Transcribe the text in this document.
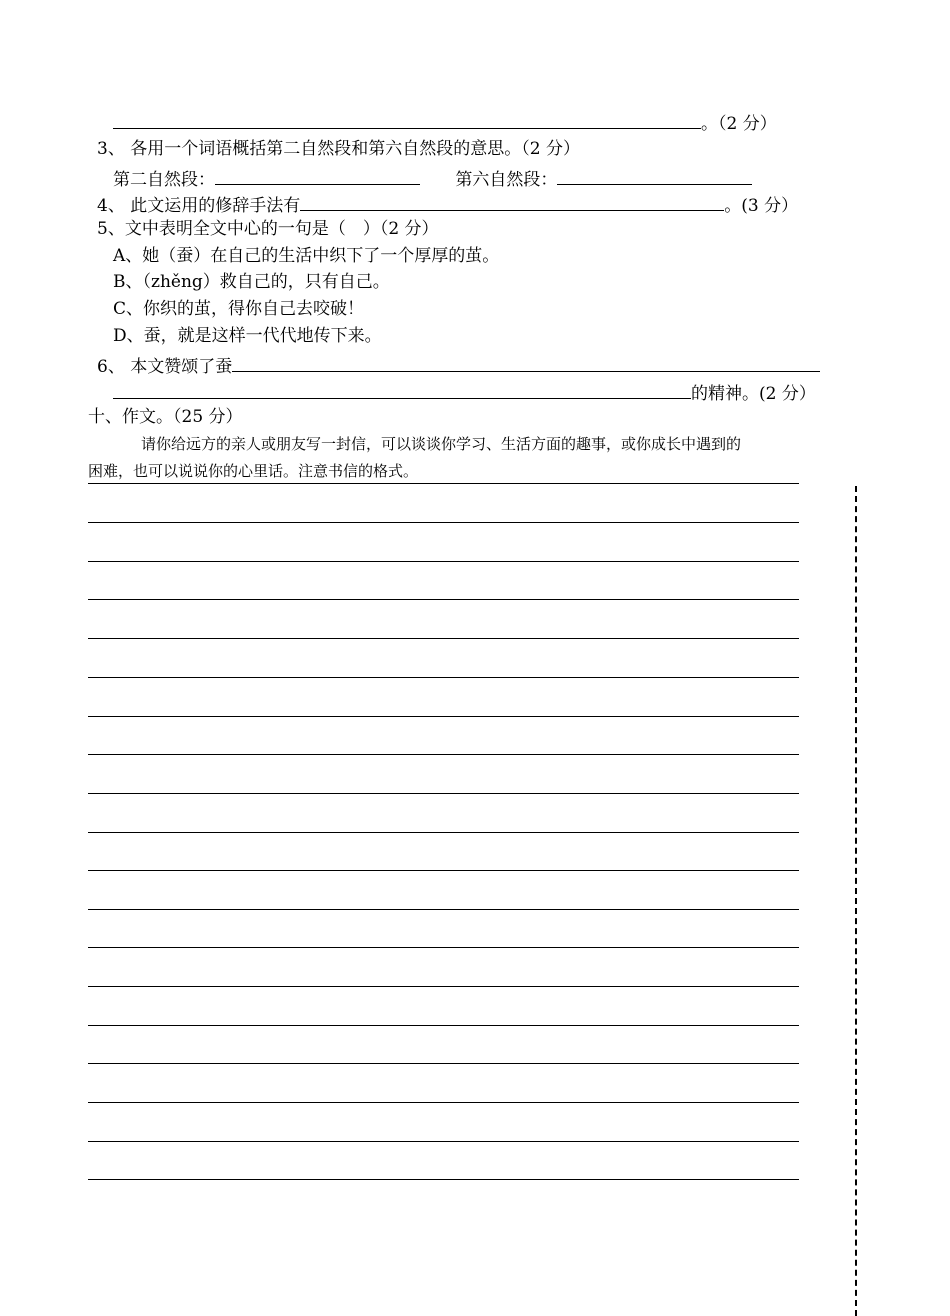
。（2 分）
3、 各用一个词语概括第二自然段和第六自然段的意思。（2 分）
第二自然段：	第六自然段：
4、 此文运用的修辞手法有	。(3 分）
5、文中表明全文中心的一句是（　）（2 分）
A、她（蚕）在自己的生活中织下了一个厚厚的茧。
B、（zhěng）救自己的，只有自己。
C、你织的茧，得你自己去咬破！
D、蚕，就是这样一代代地传下来。
6、 本文赞颂了蚕
的精神。(2 分）
十、作文。（25 分）
请你给远方的亲人或朋友写一封信，可以谈谈你学习、生活方面的趣事，或你成长中遇到的
困难，也可以说说你的心里话。注意书信的格式。
